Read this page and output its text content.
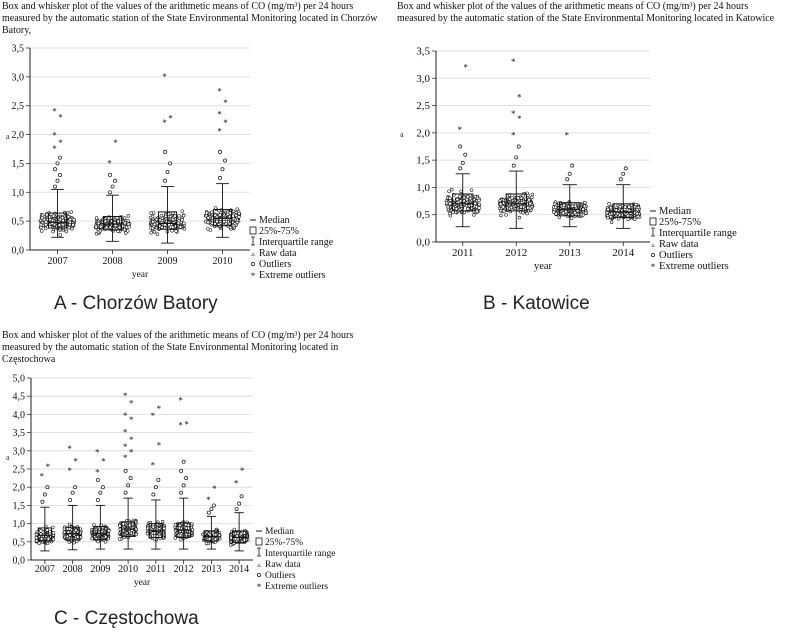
Box and whisker plot of the values of the arithmetic means of CO (mg/m³) per 24 hours
measured by the automatic station of the State Environmental Monitoring located in Chorzów
Batory,
0,0
0,5
1,0
1,5
2,0
2,5
3,0
3,5
a
*
*
*
*
*
2007
*
*
2008
* *
*
2009
*
*
*
*
*
2010
year
Median
25%-75%
Interquartile range
▵ Raw data
Outliers
* Extreme outliers
A - Chorzów Batory
Box and whisker plot of the values of the arithmetic means of CO (mg/m³) per 24 hours
measured by the automatic station of the State Environmental Monitoring located in Katowice
0,0
0,5
1,0
1,5
2,0
2,5
3,0
3,5
a	*
*
2011
*
*
*
*
*
2012
*
2013	2014
year
Median
25%-75%
Interquartile range
▵ Raw data
Outliers
* Extreme outliers
B - Katowice
Box and whisker plot of the values of the arithmetic means of CO (mg/m³) per 24 hours
measured by the automatic station of the State Environmental Monitoring located in
Częstochowa
0,0
0,5
1,0
1,5
2,0
2,5
3,0
3,5
4,0
4,5
5,0
a
*
*
2007
*
*
*
2008
*
*
*
2009
*
*
*
*
*
*
*
*
*
2010
*
*
*
*
2011
* *
*
2012
*
*
2013
*
*
2014
year
Median
25%-75%
Interquartile range
▵ Raw data
Outliers
* Extreme outliers
C - Częstochowa
